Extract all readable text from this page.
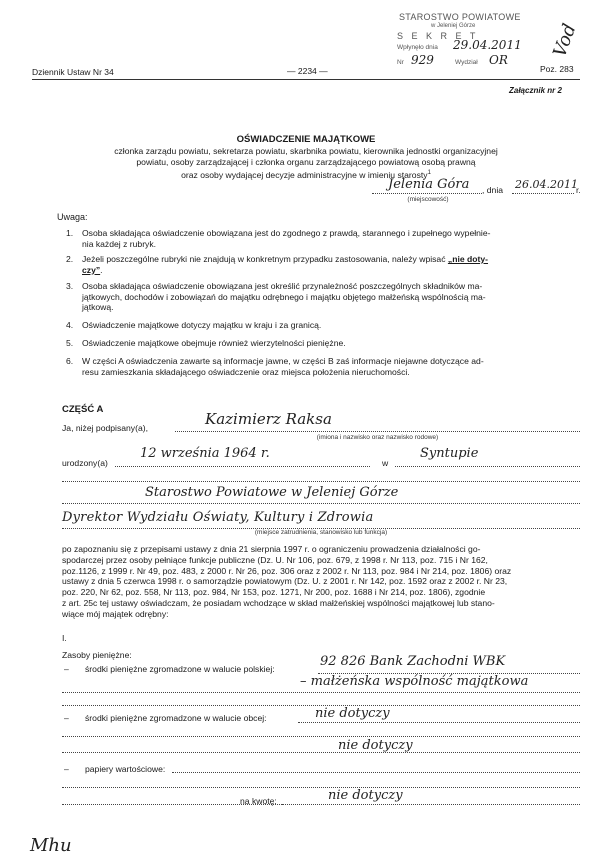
Dziennik Ustaw Nr 34	— 2234 —	Poz. 283
Załącznik nr 2
STAROSTWO POWIATOWE
w Jeleniej Górze
S E K R E T
Wpłynęło dnia 29.04.2011
Nr 929	Wydział OR
Vod
OŚWIADCZENIE MAJĄTKOWE
członka zarządu powiatu, sekretarza powiatu, skarbnika powiatu, kierownika jednostki organizacyjnej
powiatu, osoby zarządzającej i członka organu zarządzającego powiatową osobą prawną
oraz osoby wydającej decyzje administracyjne w imieniu starosty$^1$
Jelenia Góra , dnia 26.04.2011
r.
(miejscowość)
Uwaga:
1.	Osoba składająca oświadczenie obowiązana jest do zgodnego z prawdą, starannego i zupełnego wypełnie-
nia każdej z rubryk.
2.	Jeżeli poszczególne rubryki nie znajdują w konkretnym przypadku zastosowania, należy wpisać „nie doty-
czy”.
3.	Osoba składająca oświadczenie obowiązana jest określić przynależność poszczególnych składników ma-
jątkowych, dochodów i zobowiązań do majątku odrębnego i majątku objętego małżeńską wspólnością ma-
jątkową.
4.	Oświadczenie majątkowe dotyczy majątku w kraju i za granicą.
5.	Oświadczenie majątkowe obejmuje również wierzytelności pieniężne.
6.	W części A oświadczenia zawarte są informacje jawne, w części B zaś informacje niejawne dotyczące ad-
resu zamieszkania składającego oświadczenie oraz miejsca położenia nieruchomości.
CZĘŚĆ A
Ja, niżej podpisany(a),	Kazimierz Raksa
(imiona i nazwisko oraz nazwisko rodowe)
urodzony(a)
12 września 1964 r.
w
Syntupie
Starostwo Powiatowe w Jeleniej Górze
Dyrektor Wydziału Oświaty, Kultury i Zdrowia
(miejsce zatrudnienia, stanowisko lub funkcja)
po zapoznaniu się z przepisami ustawy z dnia 21 sierpnia 1997 r. o ograniczeniu prowadzenia działalności go-
spodarczej przez osoby pełniące funkcje publiczne (Dz. U. Nr 106, poz. 679, z 1998 r. Nr 113, poz. 715 i Nr 162,
poz.1126, z 1999 r. Nr 49, poz. 483, z 2000 r. Nr 26, poz. 306 oraz z 2002 r. Nr 113, poz. 984 i Nr 214, poz. 1806) oraz
ustawy z dnia 5 czerwca 1998 r. o samorządzie powiatowym (Dz. U. z 2001 r. Nr 142, poz. 1592 oraz z 2002 r. Nr 23,
poz. 220, Nr 62, poz. 558, Nr 113, poz. 984, Nr 153, poz. 1271, Nr 200, poz. 1688 i Nr 214, poz. 1806), zgodnie
z art. 25c tej ustawy oświadczam, że posiadam wchodzące w skład małżeńskiej wspólności majątkowej lub stano-
wiące mój majątek odrębny:
I.
Zasoby pieniężne:
– środki pieniężne zgromadzone w walucie polskiej:	92 826 Bank Zachodni WBK
– małżeńska wspólność majątkowa
– środki pieniężne zgromadzone w walucie obcej:	nie dotyczy
nie dotyczy
– papiery wartościowe:
na kwotę:	nie dotyczy
Mhu
